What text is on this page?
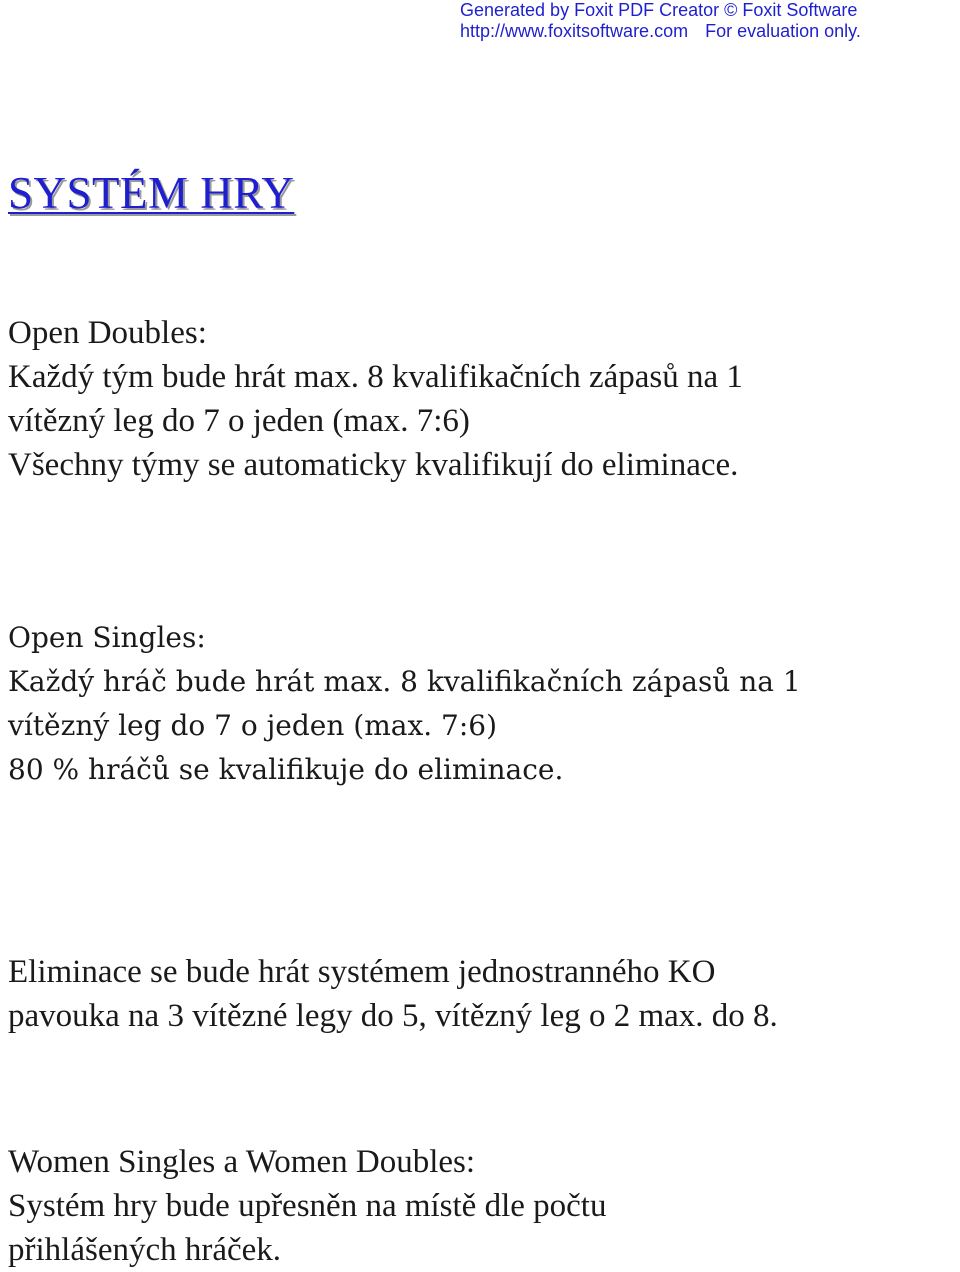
Generated by Foxit PDF Creator © Foxit Software
http://www.foxitsoftware.com For evaluation only.
SYSTÉM HRY
Open Doubles:
Každý tým bude hrát max. 8 kvalifikačních zápasů na 1
vítězný leg do 7 o jeden (max. 7:6)
Všechny týmy se automaticky kvalifikují do eliminace.
Open Singles:
Každý hráč bude hrát max. 8 kvalifikačních zápasů na 1
vítězný leg do 7 o jeden (max. 7:6)
80 % hráčů se kvalifikuje do eliminace.
Eliminace se bude hrát systémem jednostranného KO
pavouka na 3 vítězné legy do 5, vítězný leg o 2 max. do 8.
Women Singles a Women Doubles:
Systém hry bude upřesněn na místě dle počtu
přihlášených hráček.
